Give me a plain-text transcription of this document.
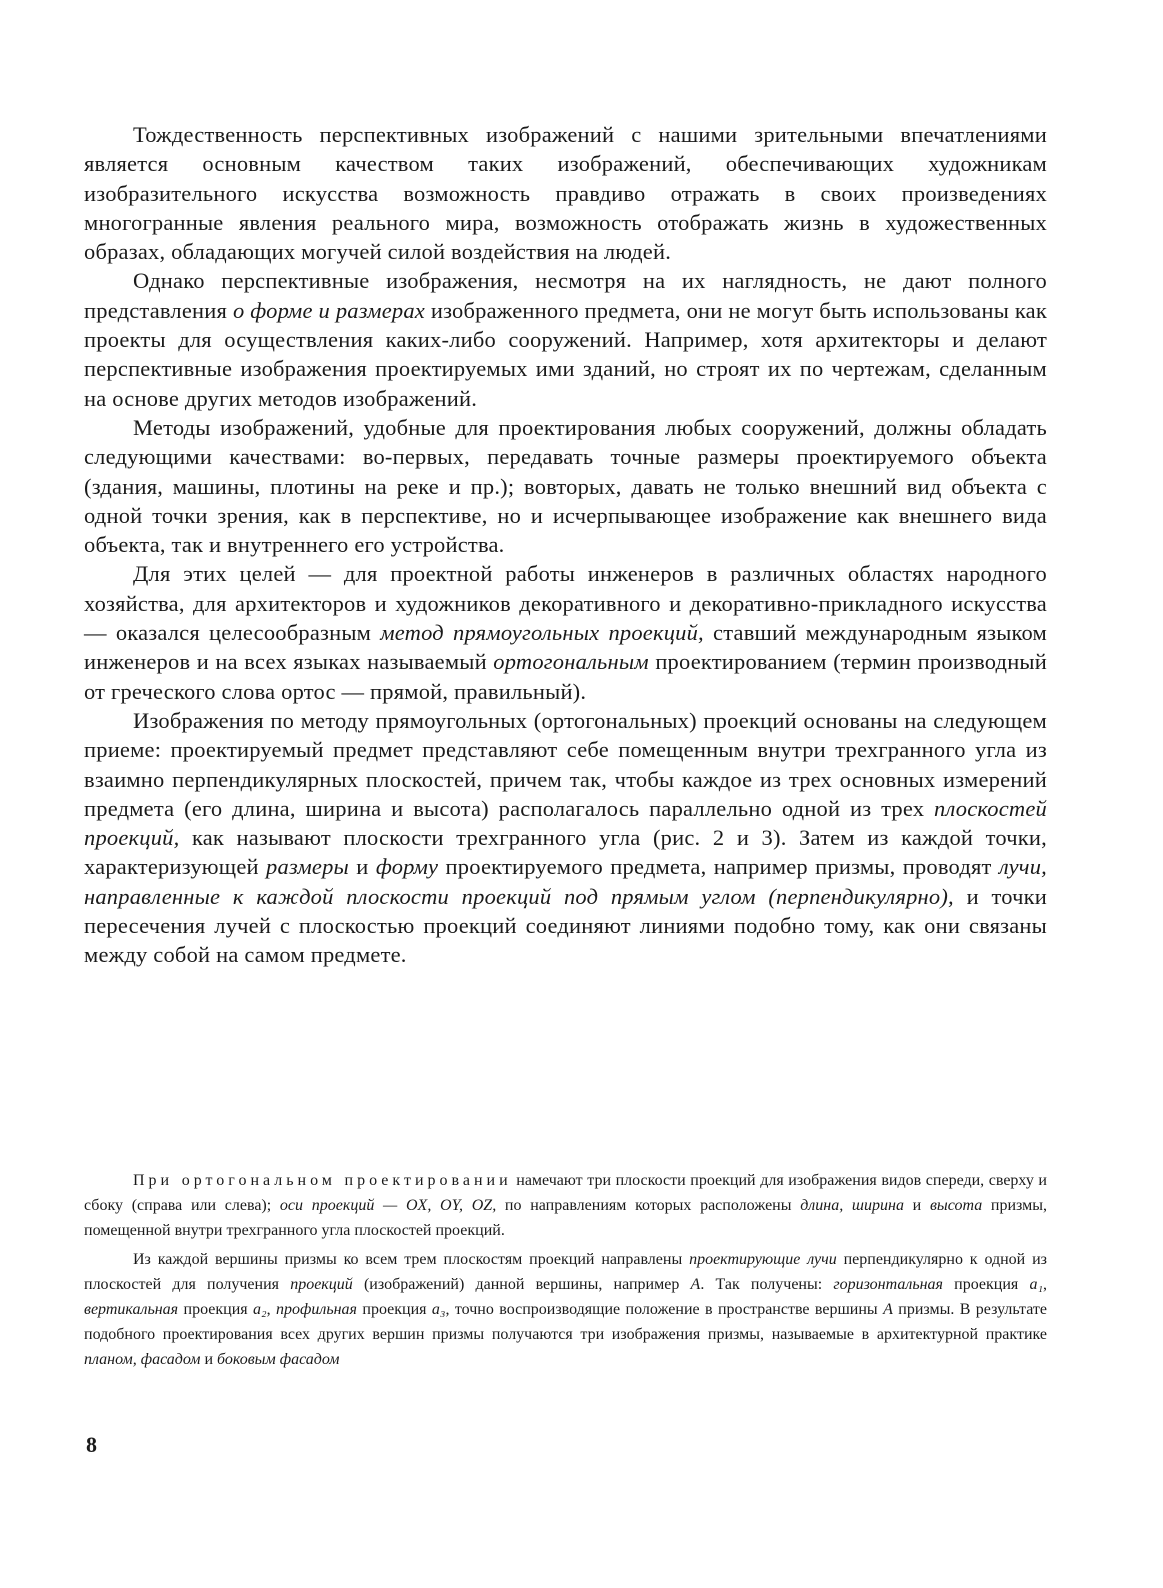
Тождественность перспективных изображений с нашими зрительными впечатлениями является основным качеством таких изображений, обеспечивающих художникам изобразительного искусства возможность правдиво отражать в своих произведениях многогранные явления реального мира, возможность отображать жизнь в художественных образах, обладающих могучей силой воздействия на людей.

Однако перспективные изображения, несмотря на их наглядность, не дают полного представления о форме и размерах изображенного предмета, они не могут быть использованы как проекты для осуществления каких-либо сооружений. Например, хотя архитекторы и делают перспективные изображения проектируемых ими зданий, но строят их по чертежам, сделанным на основе других методов изображений.

Методы изображений, удобные для проектирования любых сооружений, должны обладать следующими качествами: во-первых, передавать точные размеры проектируемого объекта (здания, машины, плотины на реке и пр.); вовторых, давать не только внешний вид объекта с одной точки зрения, как в перспективе, но и исчерпывающее изображение как внешнего вида объекта, так и внутреннего его устройства.

Для этих целей — для проектной работы инженеров в различных областях народного хозяйства, для архитекторов и художников декоративного и декоративно-прикладного искусства — оказался целесообразным метод прямоугольных проекций, ставший международным языком инженеров и на всех языках называемый ортогональным проектированием (термин производный от греческого слова ортос — прямой, правильный).

Изображения по методу прямоугольных (ортогональных) проекций основаны на следующем приеме: проектируемый предмет представляют себе помещенным внутри трехгранного угла из взаимно перпендикулярных плоскостей, причем так, чтобы каждое из трех основных измерений предмета (его длина, ширина и высота) располагалось параллельно одной из трех плоскостей проекций, как называют плоскости трехгранного угла (рис. 2 и 3). Затем из каждой точки, характеризующей размеры и форму проектируемого предмета, например призмы, проводят лучи, направленные к каждой плоскости проекций под прямым углом (перпендикулярно), и точки пересечения лучей с плоскостью проекций соединяют линиями подобно тому, как они связаны между собой на самом предмете.

При ортогональном проектировании намечают три плоскости проекций для изображения видов спереди, сверху и сбоку (справа или слева); оси проекций — OX, OY, OZ, по направлениям которых расположены длина, ширина и высота призмы, помещенной внутри трехгранного угла плоскостей проекций.

Из каждой вершины призмы ко всем трем плоскостям проекций направлены проектирующие лучи перпендикулярно к одной из плоскостей для получения проекций (изображений) данной вершины, например A. Так получены: горизонтальная проекция a₁, вертикальная проекция a₂, профильная проекция a₃, точно воспроизводящие положение в пространстве вершины A призмы. В результате подобного проектирования всех других вершин призмы получаются три изображения призмы, называемые в архитектурной практике планом, фасадом и боковым фасадом

8
